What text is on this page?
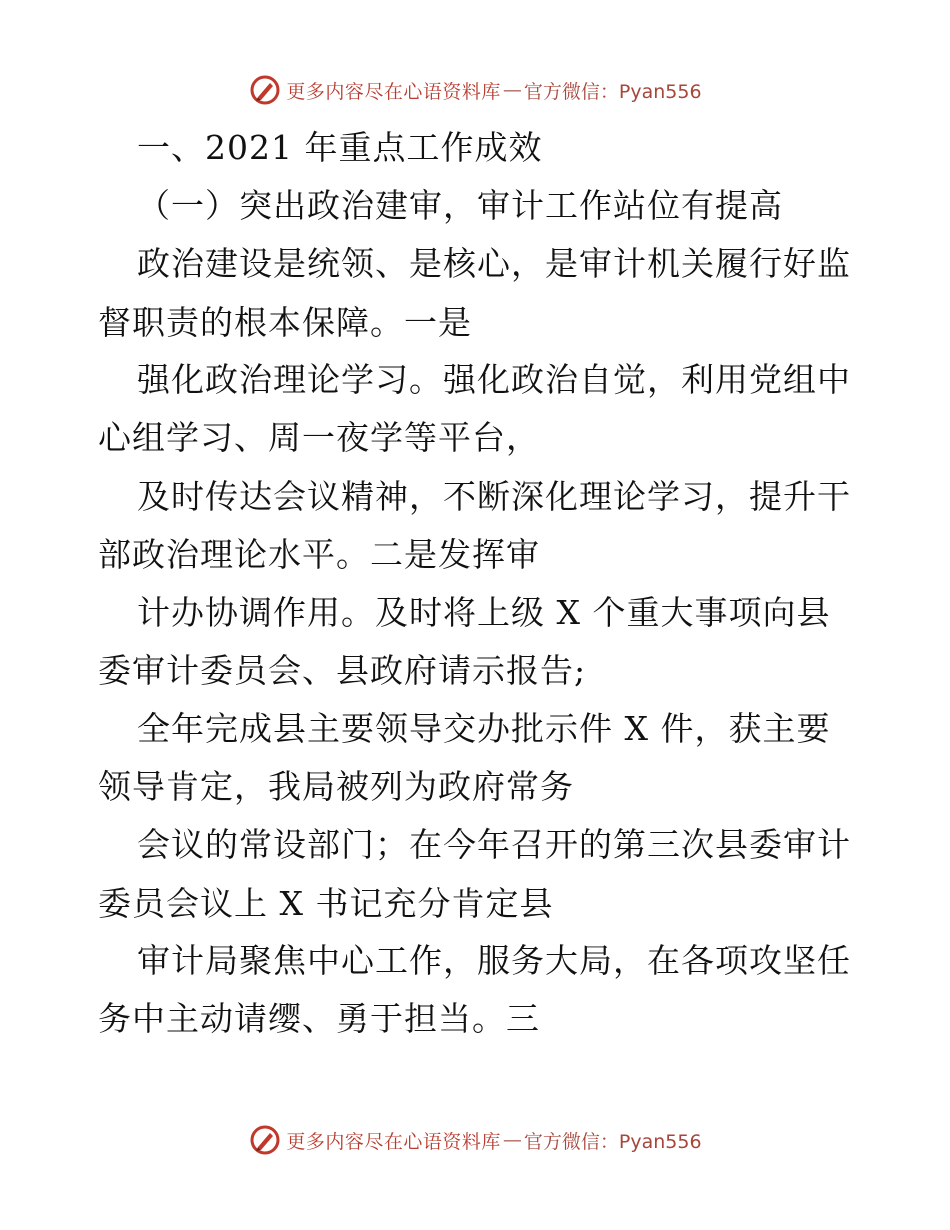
更多内容尽在心语资料库 — 官方微信：Pyan556
一、2021 年重点工作成效
（一）突出政治建审，审计工作站位有提高
政治建设是统领、是核心，是审计机关履行好监
督职责的根本保障。一是
强化政治理论学习。强化政治自觉，利用党组中
心组学习、周一夜学等平台，
及时传达会议精神，不断深化理论学习，提升干
部政治理论水平。二是发挥审
计办协调作用。及时将上级 X 个重大事项向县
委审计委员会、县政府请示报告;
全年完成县主要领导交办批示件 X 件，获主要
领导肯定，我局被列为政府常务
会议的常设部门；在今年召开的第三次县委审计
委员会议上 X 书记充分肯定县
审计局聚焦中心工作，服务大局，在各项攻坚任
务中主动请缨、勇于担当。三
更多内容尽在心语资料库 — 官方微信：Pyan556
